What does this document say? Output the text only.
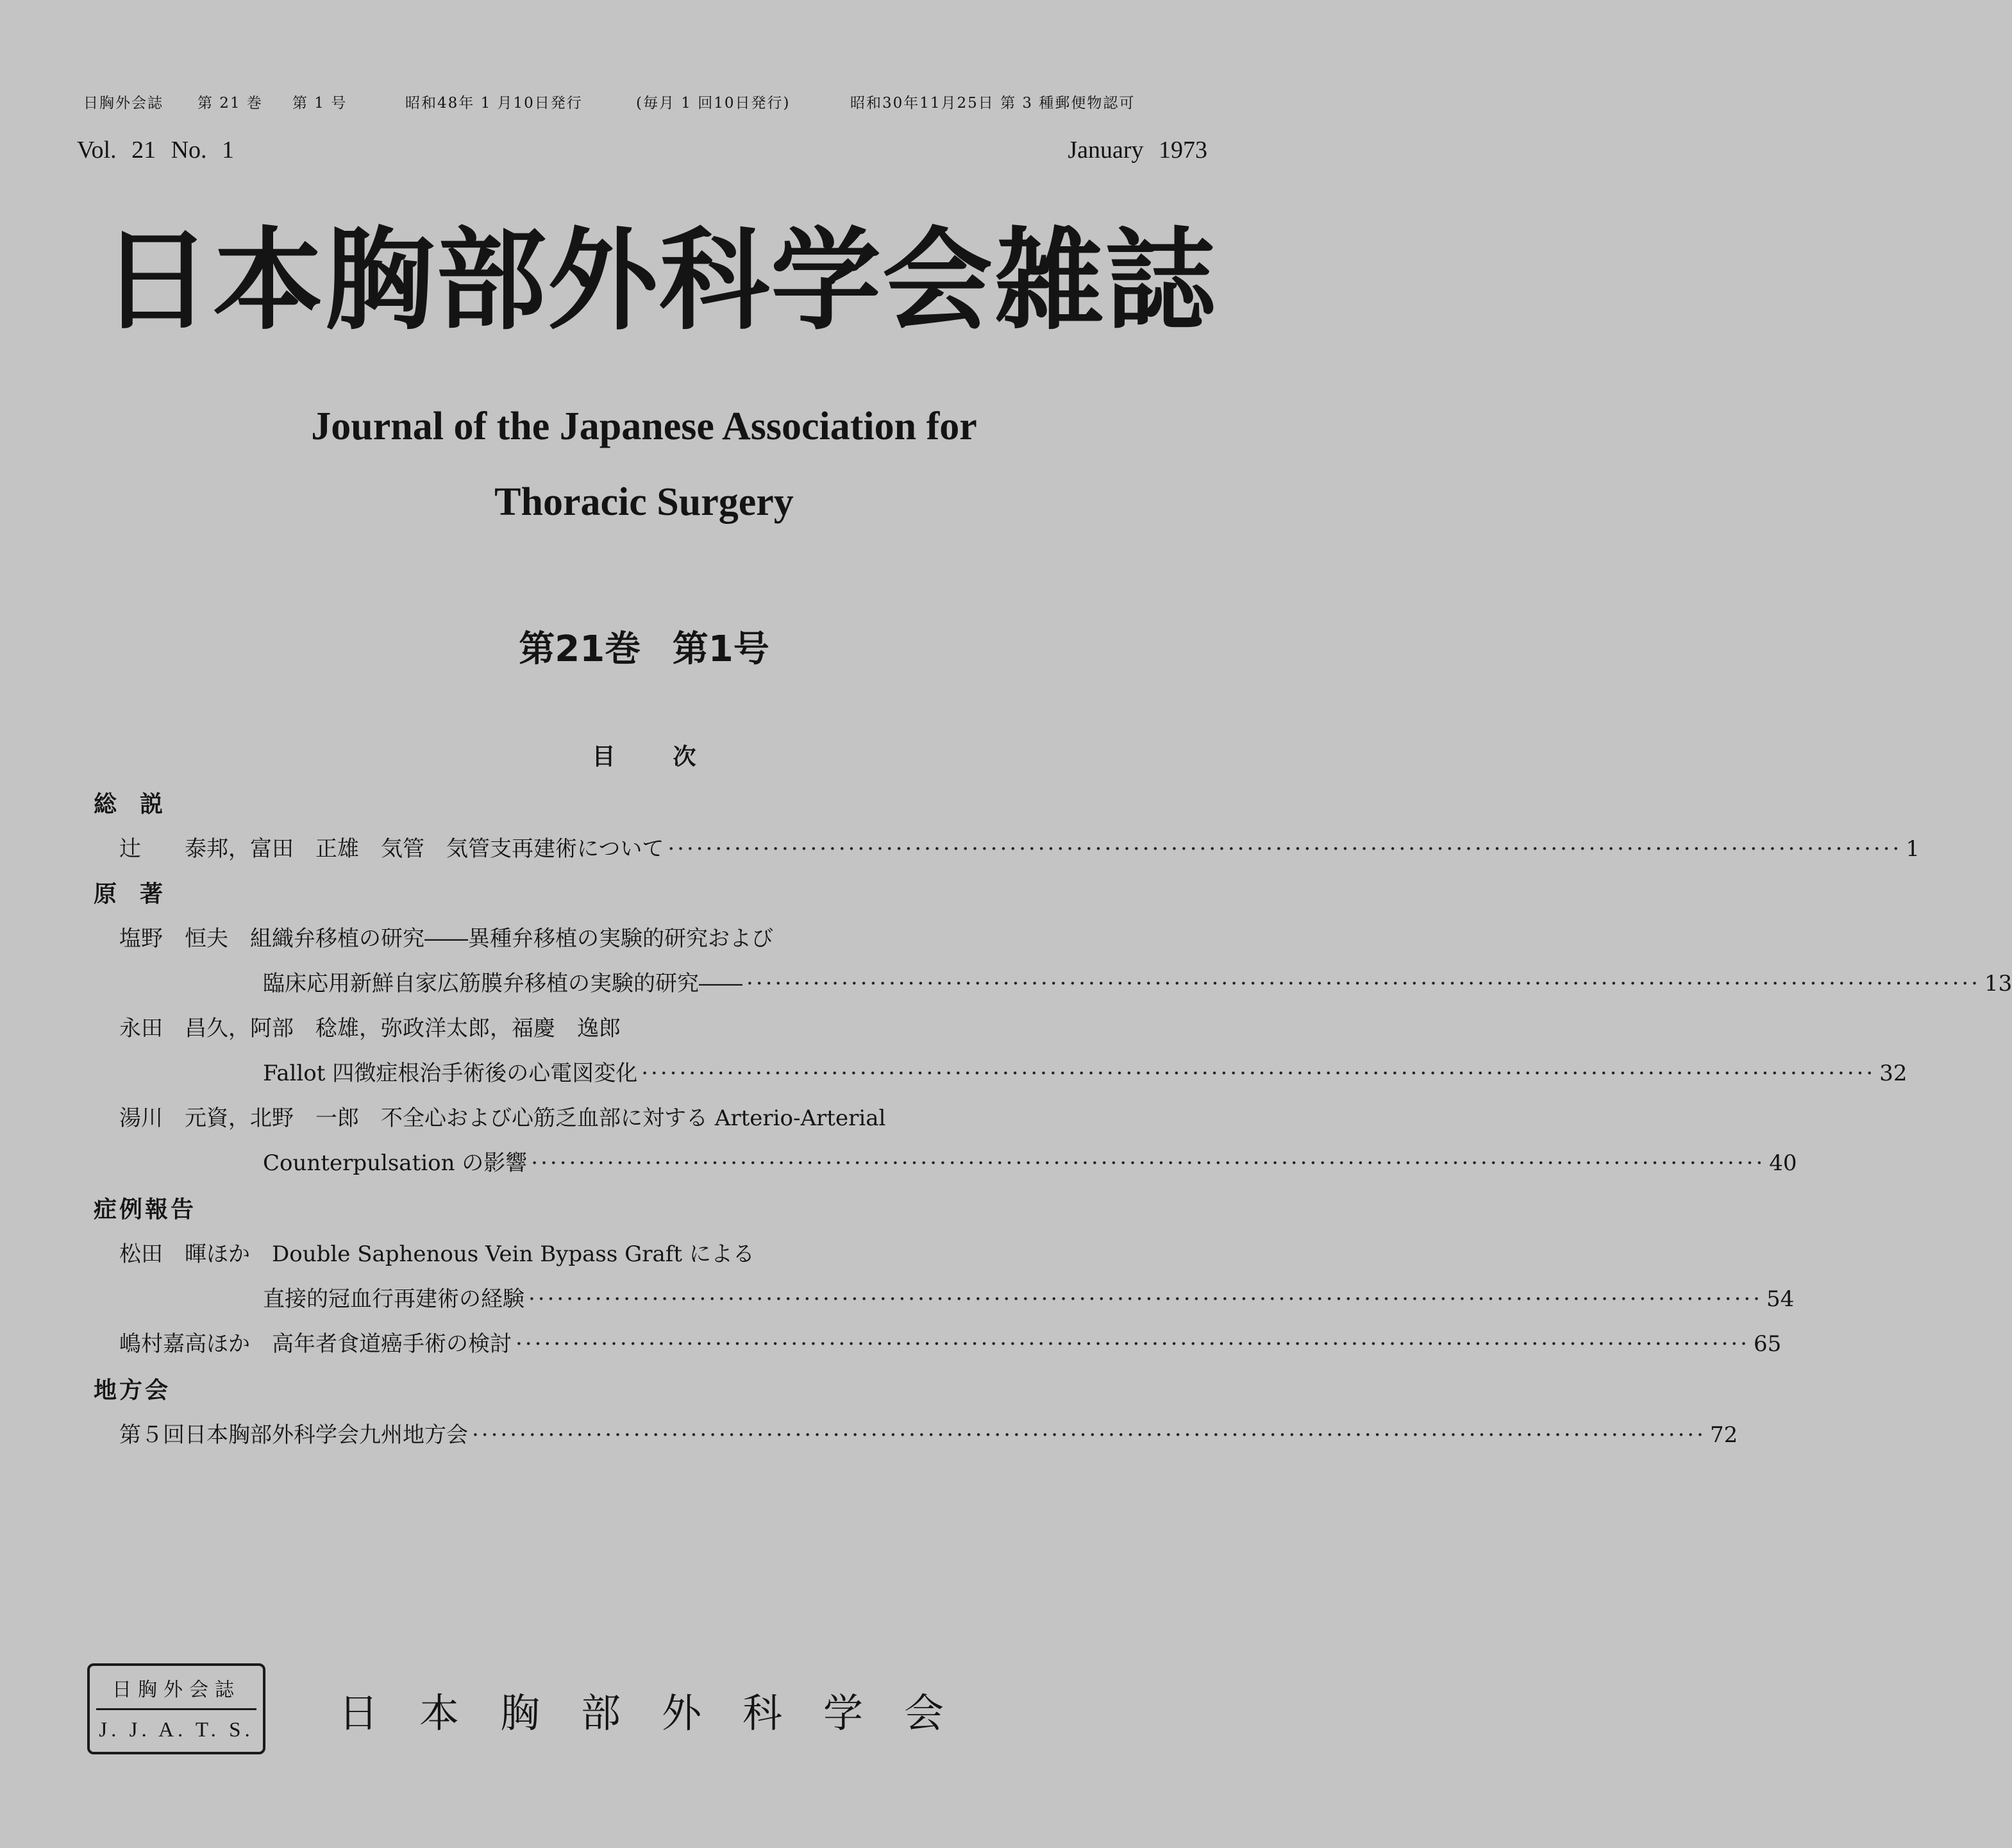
日胸外会誌 第 21 巻 第 1 号	昭和48年 1 月10日発行	(毎月 1 回10日発行)	昭和30年11月25日 第 3 種郵便物認可
Vol. 21 No. 1	January 1973
日本胸部外科学会雑誌
Journal of the Japanese Association for
Thoracic Surgery
第21巻 第1号
目次
総説
辻　　泰邦，富田　正雄　気管　気管支再建術について ·································································································································· 1
原著
塩野　恒夫　組織弁移植の研究――異種弁移植の実験的研究および
臨床応用新鮮自家広筋膜弁移植の実験的研究―― ·································································································································· 13
永田　昌久，阿部　稔雄，弥政洋太郎，福慶　逸郎
Fallot 四徴症根治手術後の心電図変化 ·································································································································· 32
湯川　元資，北野　一郎　不全心および心筋乏血部に対する Arterio-Arterial
Counterpulsation の影響 ·································································································································· 40
症例報告
松田　暉ほか　Double Saphenous Vein Bypass Graft による
直接的冠血行再建術の経験 ·································································································································· 54
嶋村嘉高ほか　高年者食道癌手術の検討 ·································································································································· 65
地方会
第５回日本胸部外科学会九州地方会 ·································································································································· 72
日胸外会誌
J. J. A. T. S. 日本胸部外科学会
